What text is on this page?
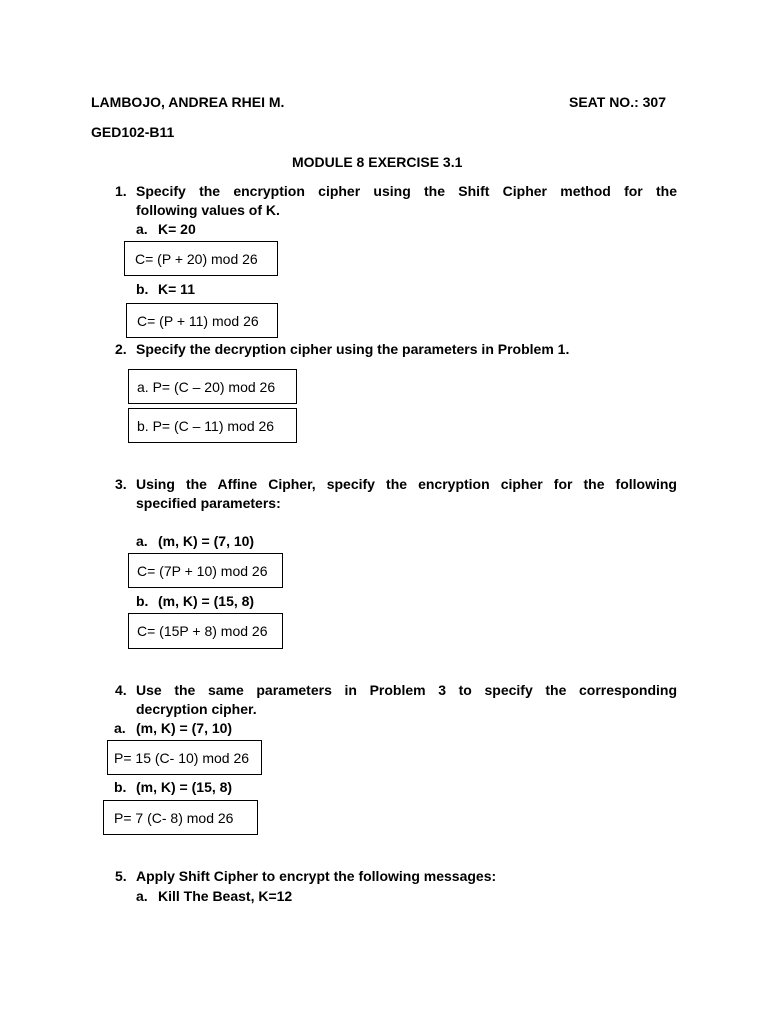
LAMBOJO, ANDREA RHEI M.	SEAT NO.: 307
GED102-B11
MODULE 8 EXERCISE 3.1
1. Specify the encryption cipher using the Shift Cipher method for the
following values of K.
a. K= 20
C= (P + 20) mod 26
b. K= 11
C= (P + 11) mod 26
2. Specify the decryption cipher using the parameters in Problem 1.
a. P= (C – 20) mod 26
b. P= (C – 11) mod 26
3. Using the Affine Cipher, specify the encryption cipher for the following
specified parameters:
a. (m, K) = (7, 10)
C= (7P + 10) mod 26
b. (m, K) = (15, 8)
C= (15P + 8) mod 26
4. Use the same parameters in Problem 3 to specify the corresponding
decryption cipher.
a. (m, K) = (7, 10)
P= 15 (C- 10) mod 26
b. (m, K) = (15, 8)
P= 7 (C- 8) mod 26
5. Apply Shift Cipher to encrypt the following messages:
a. Kill The Beast, K=12
